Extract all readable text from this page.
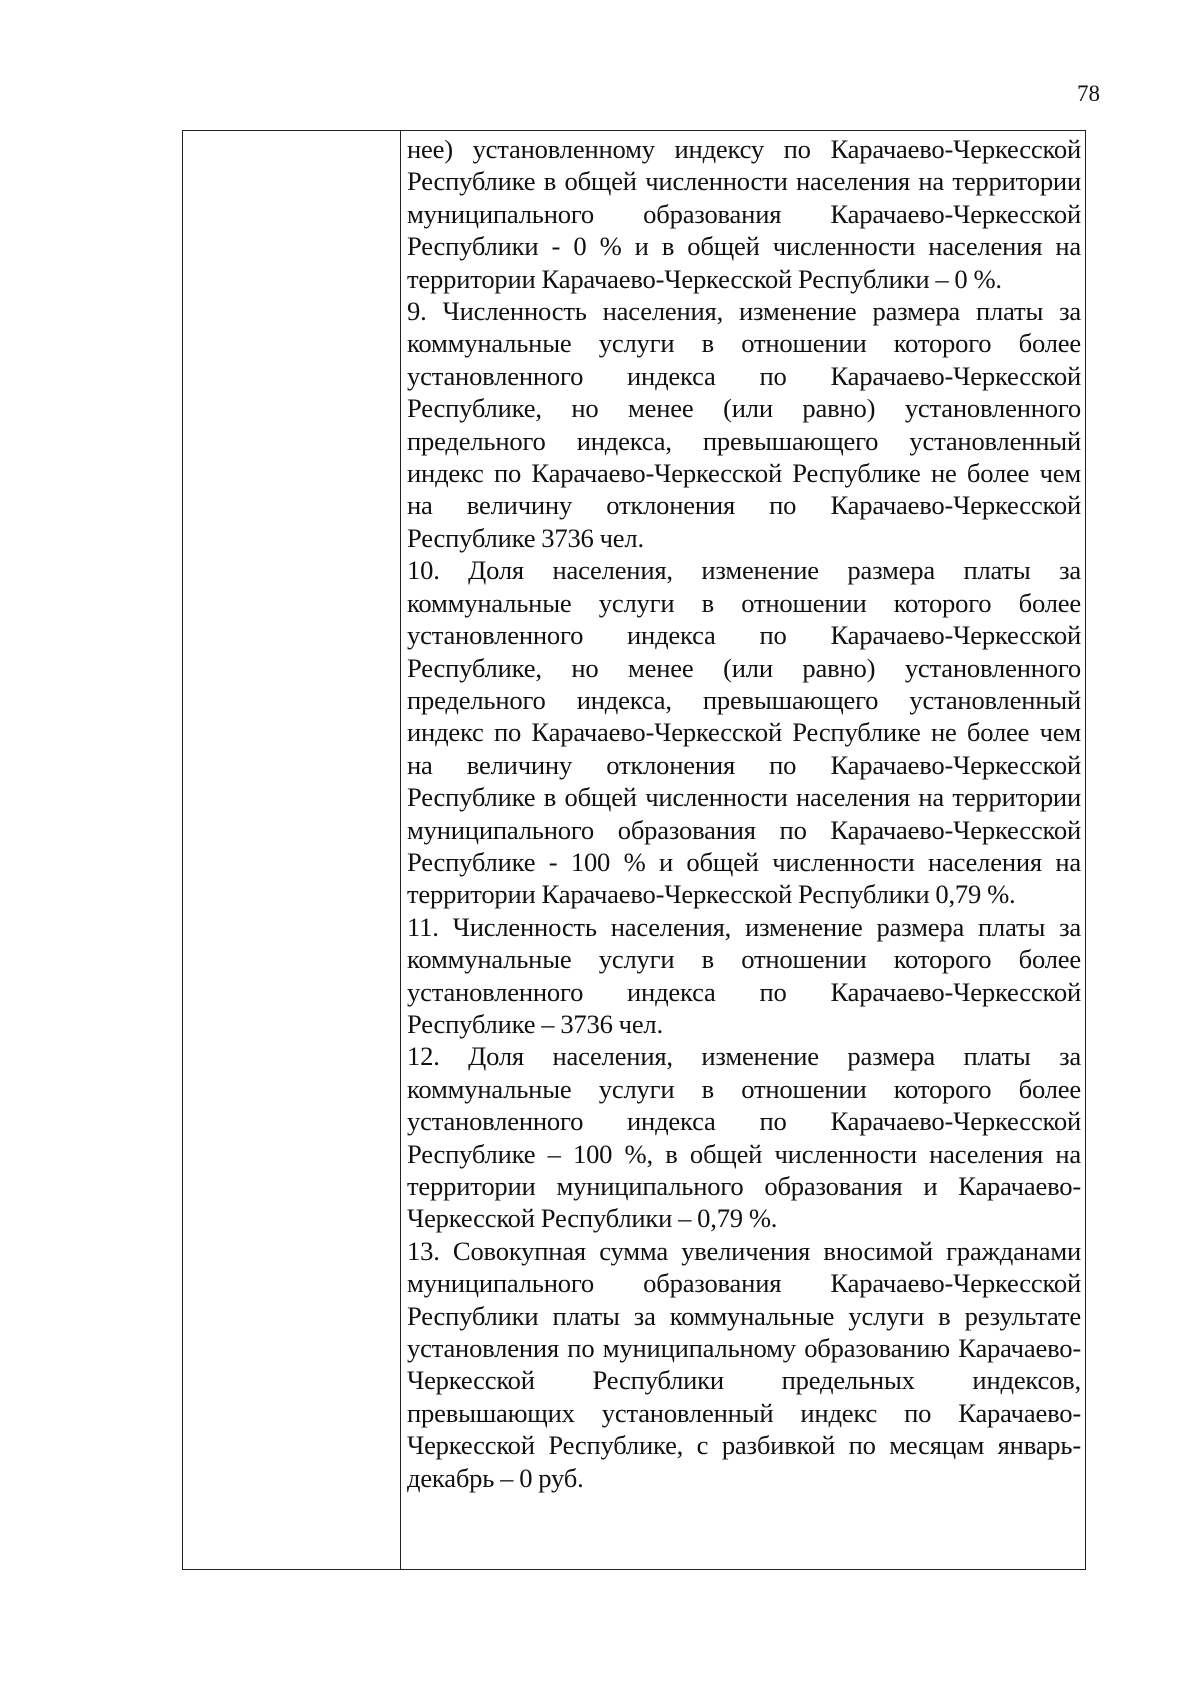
78

нее) установленному индексу по Карачаево-Черкесской Республике в общей численности населения на территории муниципального образования Карачаево-Черкесской Республики - 0 % и в общей численности населения на территории Карачаево-Черкесской Республики – 0 %.

9. Численность населения, изменение размера платы за коммунальные услуги в отношении которого более установленного индекса по Карачаево-Черкесской Республике, но менее (или равно) установленного предельного индекса, превышающего установленный индекс по Карачаево-Черкесской Республике не более чем на величину отклонения по Карачаево-Черкесской Республике 3736 чел.

10. Доля населения, изменение размера платы за коммунальные услуги в отношении которого более установленного индекса по Карачаево-Черкесской Республике, но менее (или равно) установленного предельного индекса, превышающего установленный индекс по Карачаево-Черкесской Республике не более чем на величину отклонения по Карачаево-Черкесской Республике в общей численности населения на территории муниципального образования по Карачаево-Черкесской Республике - 100 % и общей численности населения на территории Карачаево-Черкесской Республики 0,79 %.

11. Численность населения, изменение размера платы за коммунальные услуги в отношении которого более установленного индекса по Карачаево-Черкесской Республике – 3736 чел.

12. Доля населения, изменение размера платы за коммунальные услуги в отношении которого более установленного индекса по Карачаево-Черкесской Республике – 100 %, в общей численности населения на территории муниципального образования и Карачаево-Черкесской Республики – 0,79 %.

13. Совокупная сумма увеличения вносимой гражданами муниципального образования Карачаево-Черкесской Республики платы за коммунальные услуги в результате установления по муниципальному образованию Карачаево-Черкесской Республики предельных индексов, превышающих установленный индекс по Карачаево-Черкесской Республике, с разбивкой по месяцам январь-декабрь – 0 руб.
